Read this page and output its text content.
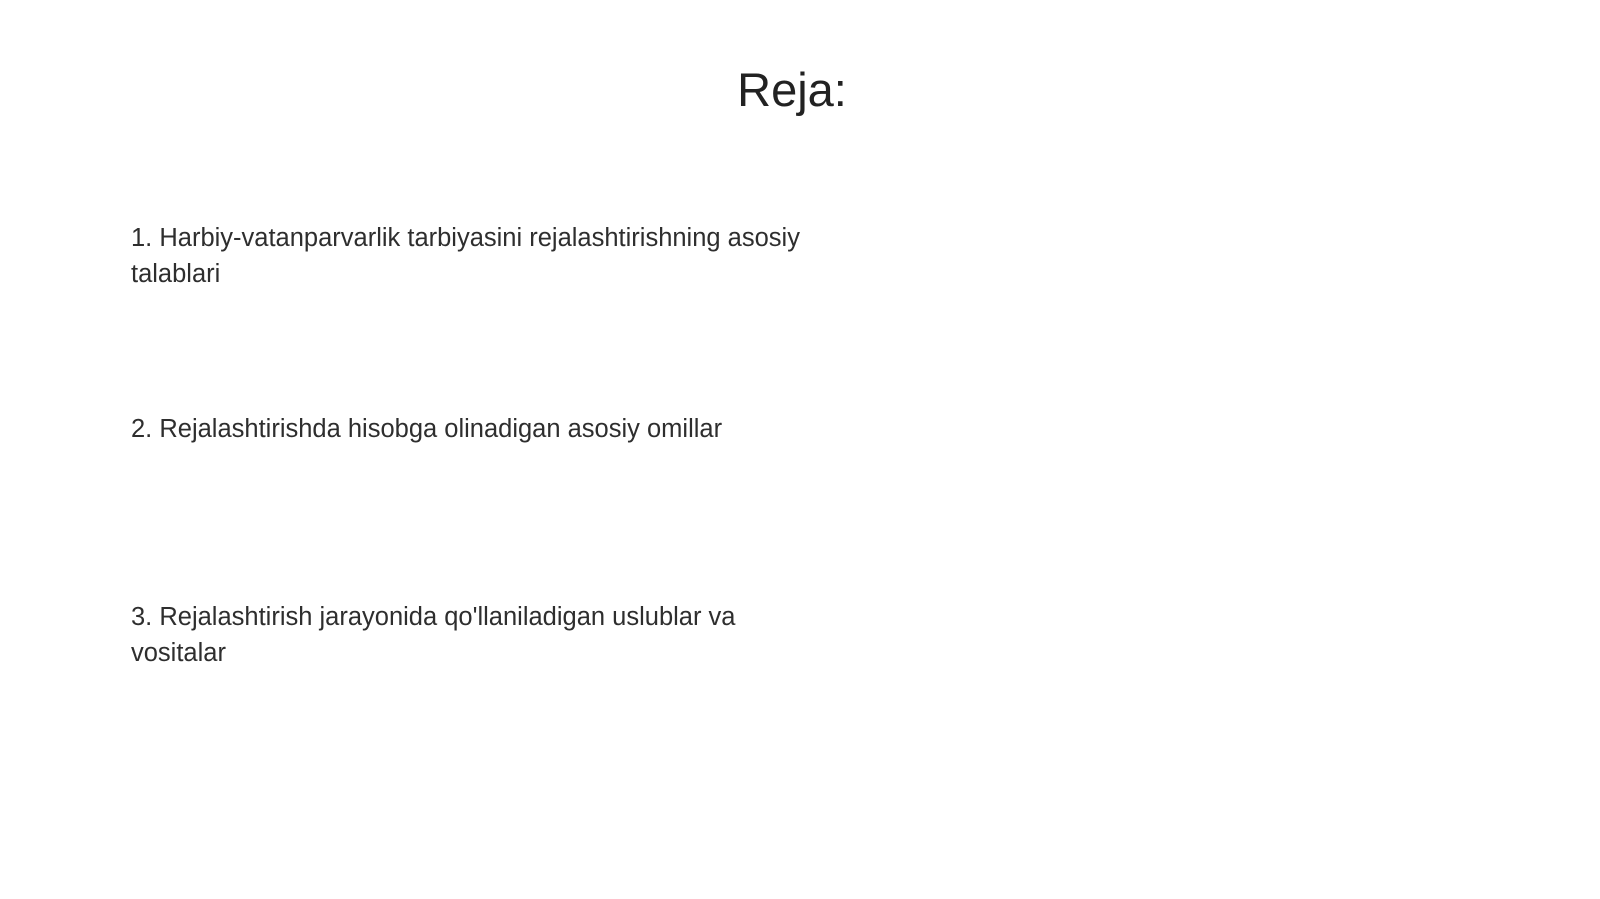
Reja:

1. Harbiy-vatanparvarlik tarbiyasini rejalashtirishning asosiy talablari

2. Rejalashtirishda hisobga olinadigan asosiy omillar

3. Rejalashtirish jarayonida qo'llaniladigan uslublar va vositalar
